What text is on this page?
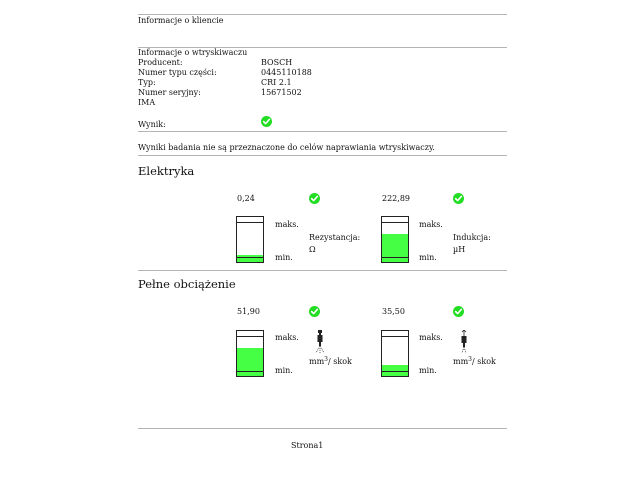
Informacje o kliencie
Informacje o wtryskiwaczu
Producent:	BOSCH
Numer typu części:	0445110188
Typ:	CRI 2.1
Numer seryjny:	15671502
IMA
Wynik:
Wyniki badania nie są przeznaczone do celów naprawiania wtryskiwaczy.
Elektryka
0,24
maks.
min.
Rezystancja:
Ω
222,89
maks.
min.
Indukcja:
µH
Pełne obciążenie
51,90
maks.
min.
$mm^3/$ skok
35,50
maks.
min.
$mm^3/$ skok
Strona1
